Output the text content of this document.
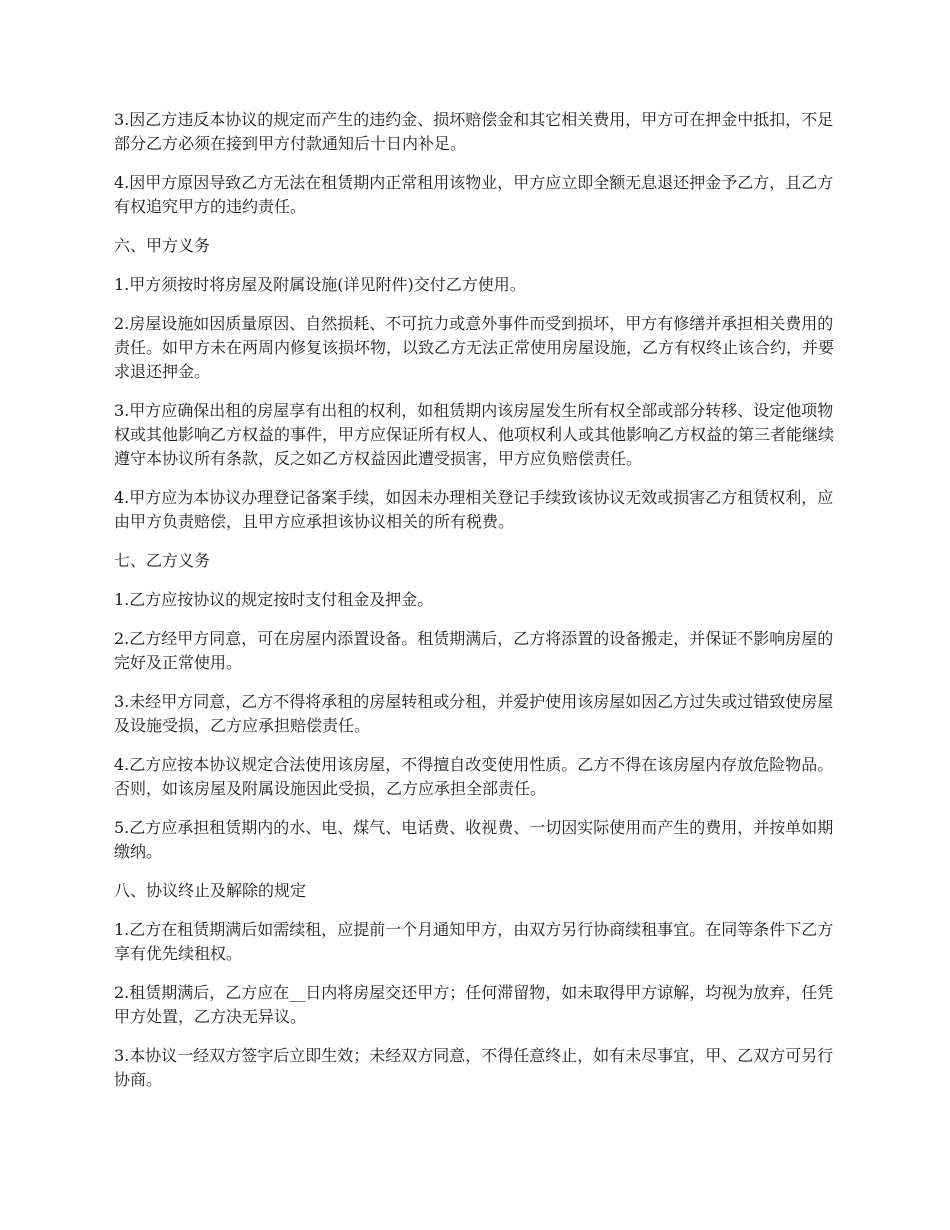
3.因乙方违反本协议的规定而产生的违约金、损坏赔偿金和其它相关费用，甲方可在押金中抵扣，不足部分乙方必须在接到甲方付款通知后十日内补足。

4.因甲方原因导致乙方无法在租赁期内正常租用该物业，甲方应立即全额无息退还押金予乙方，且乙方有权追究甲方的违约责任。

六、甲方义务

1.甲方须按时将房屋及附属设施(详见附件)交付乙方使用。

2.房屋设施如因质量原因、自然损耗、不可抗力或意外事件而受到损坏，甲方有修缮并承担相关费用的责任。如甲方未在两周内修复该损坏物，以致乙方无法正常使用房屋设施，乙方有权终止该合约，并要求退还押金。

3.甲方应确保出租的房屋享有出租的权利，如租赁期内该房屋发生所有权全部或部分转移、设定他项物权或其他影响乙方权益的事件，甲方应保证所有权人、他项权利人或其他影响乙方权益的第三者能继续遵守本协议所有条款，反之如乙方权益因此遭受损害，甲方应负赔偿责任。

4.甲方应为本协议办理登记备案手续，如因未办理相关登记手续致该协议无效或损害乙方租赁权利，应由甲方负责赔偿，且甲方应承担该协议相关的所有税费。

七、乙方义务

1.乙方应按协议的规定按时支付租金及押金。

2.乙方经甲方同意，可在房屋内添置设备。租赁期满后，乙方将添置的设备搬走，并保证不影响房屋的完好及正常使用。

3.未经甲方同意，乙方不得将承租的房屋转租或分租，并爱护使用该房屋如因乙方过失或过错致使房屋及设施受损，乙方应承担赔偿责任。

4.乙方应按本协议规定合法使用该房屋，不得擅自改变使用性质。乙方不得在该房屋内存放危险物品。 否则，如该房屋及附属设施因此受损，乙方应承担全部责任。

5.乙方应承担租赁期内的水、电、煤气、电话费、收视费、一切因实际使用而产生的费用，并按单如期缴纳。

八、协议终止及解除的规定

1.乙方在租赁期满后如需续租，应提前一个月通知甲方，由双方另行协商续租事宜。在同等条件下乙方享有优先续租权。

2.租赁期满后，乙方应在__日内将房屋交还甲方；任何滞留物，如未取得甲方谅解，均视为放弃，任凭甲方处置，乙方决无异议。

3.本协议一经双方签字后立即生效；未经双方同意，不得任意终止，如有未尽事宜，甲、乙双方可另行协商。
